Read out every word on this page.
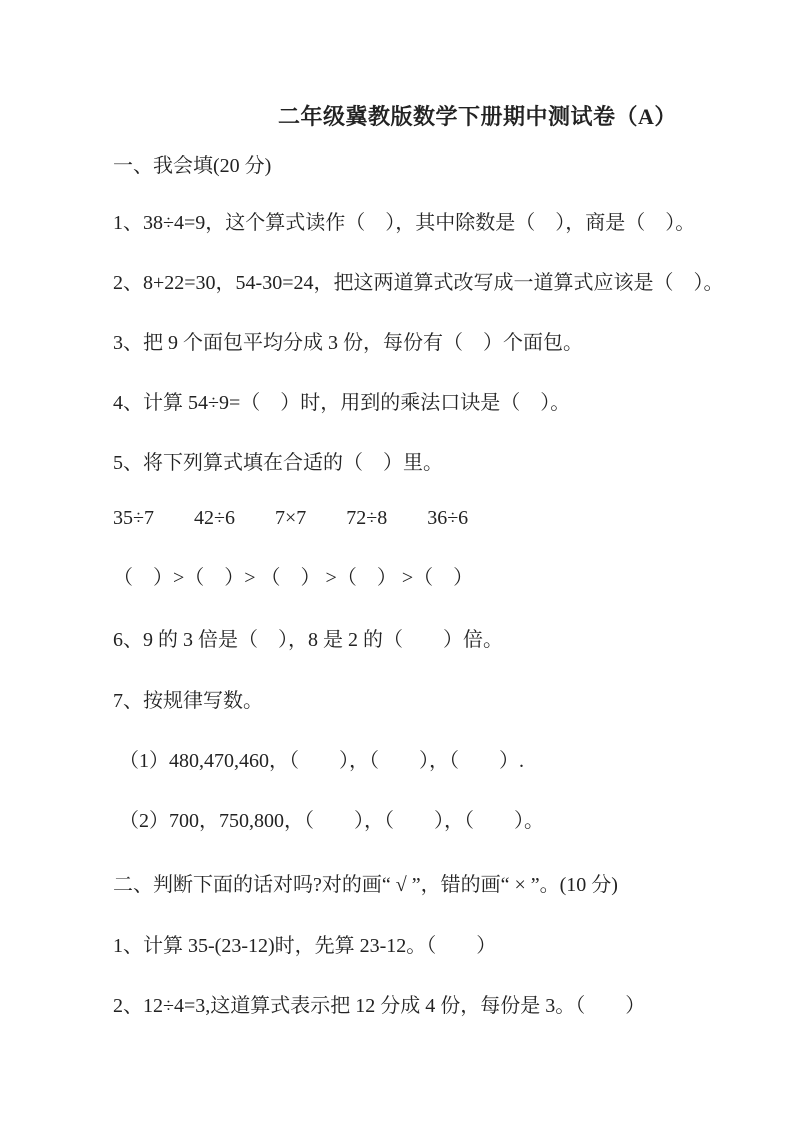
二年级冀教版数学下册期中测试卷（A）
一、我会填(20 分)
1、38÷4=9，这个算式读作（　），其中除数是（　），商是（　）。
2、8+22=30，54-30=24，把这两道算式改写成一道算式应该是（　）。
3、把 9 个面包平均分成 3 份，每份有（　）个面包。
4、计算 54÷9=（　）时，用到的乘法口诀是（　）。
5、将下列算式填在合适的（　）里。
35÷7　　42÷6　　7×7　　72÷8　　36÷6
（　）>（　）> （　） >（　） >（　）
6、9 的 3 倍是（　），8 是 2 的（　　）倍。
7、按规律写数。
（1）480,470,460，（　　），（　　），（　　）.
（2）700，750,800，（　　），（　　），（　　）。
二、判断下面的话对吗?对的画“ √ ”，错的画“ × ”。(10 分)
1、计算 35-(23-12)时，先算 23-12。（　　）
2、12÷4=3,这道算式表示把 12 分成 4 份，每份是 3。（　　）
